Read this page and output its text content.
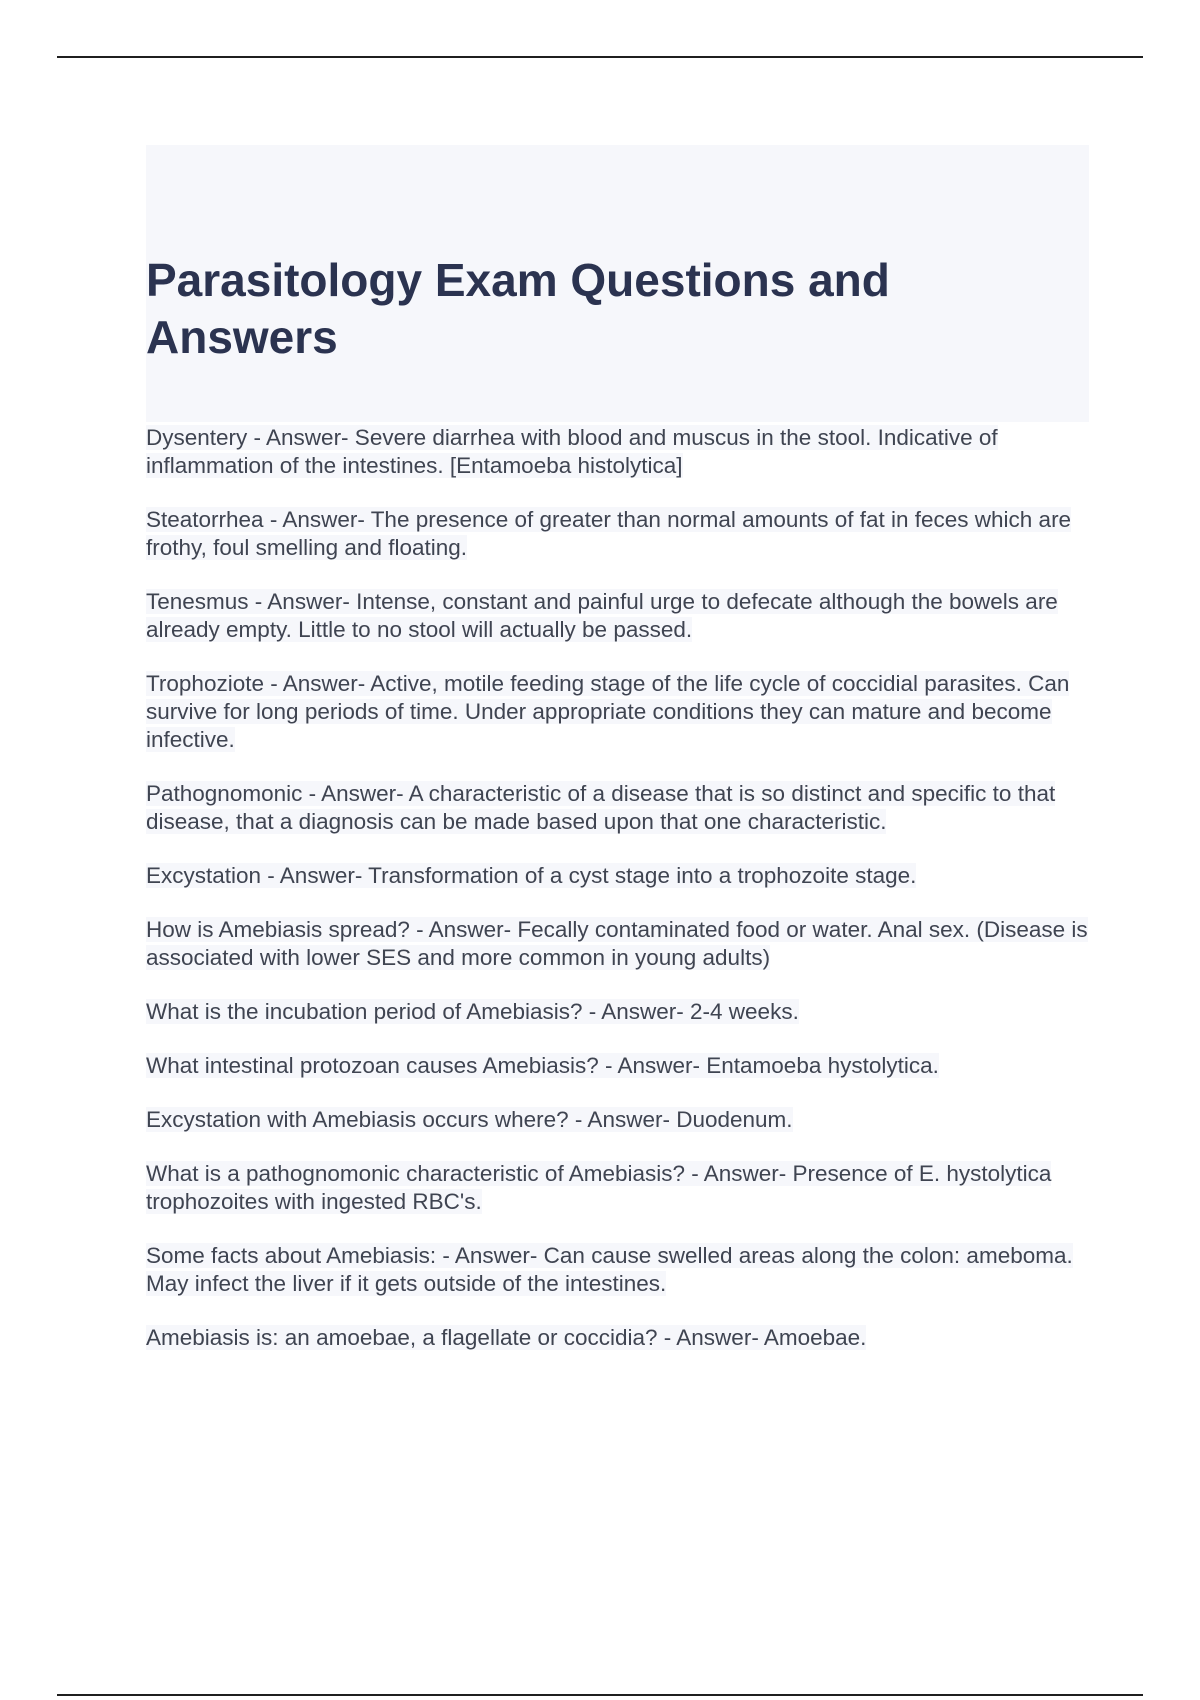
Parasitology Exam Questions and Answers

Dysentery - Answer- Severe diarrhea with blood and muscus in the stool. Indicative of inflammation of the intestines. [Entamoeba histolytica]

Steatorrhea - Answer- The presence of greater than normal amounts of fat in feces which are frothy, foul smelling and floating.

Tenesmus - Answer- Intense, constant and painful urge to defecate although the bowels are already empty. Little to no stool will actually be passed.

Trophoziote - Answer- Active, motile feeding stage of the life cycle of coccidial parasites. Can survive for long periods of time. Under appropriate conditions they can mature and become infective.

Pathognomonic - Answer- A characteristic of a disease that is so distinct and specific to that disease, that a diagnosis can be made based upon that one characteristic.

Excystation - Answer- Transformation of a cyst stage into a trophozoite stage.

How is Amebiasis spread? - Answer- Fecally contaminated food or water. Anal sex. (Disease is associated with lower SES and more common in young adults)

What is the incubation period of Amebiasis? - Answer- 2-4 weeks.

What intestinal protozoan causes Amebiasis? - Answer- Entamoeba hystolytica.

Excystation with Amebiasis occurs where? - Answer- Duodenum.

What is a pathognomonic characteristic of Amebiasis? - Answer- Presence of E. hystolytica trophozoites with ingested RBC's.

Some facts about Amebiasis: - Answer- Can cause swelled areas along the colon: ameboma. May infect the liver if it gets outside of the intestines.

Amebiasis is: an amoebae, a flagellate or coccidia? - Answer- Amoebae.
